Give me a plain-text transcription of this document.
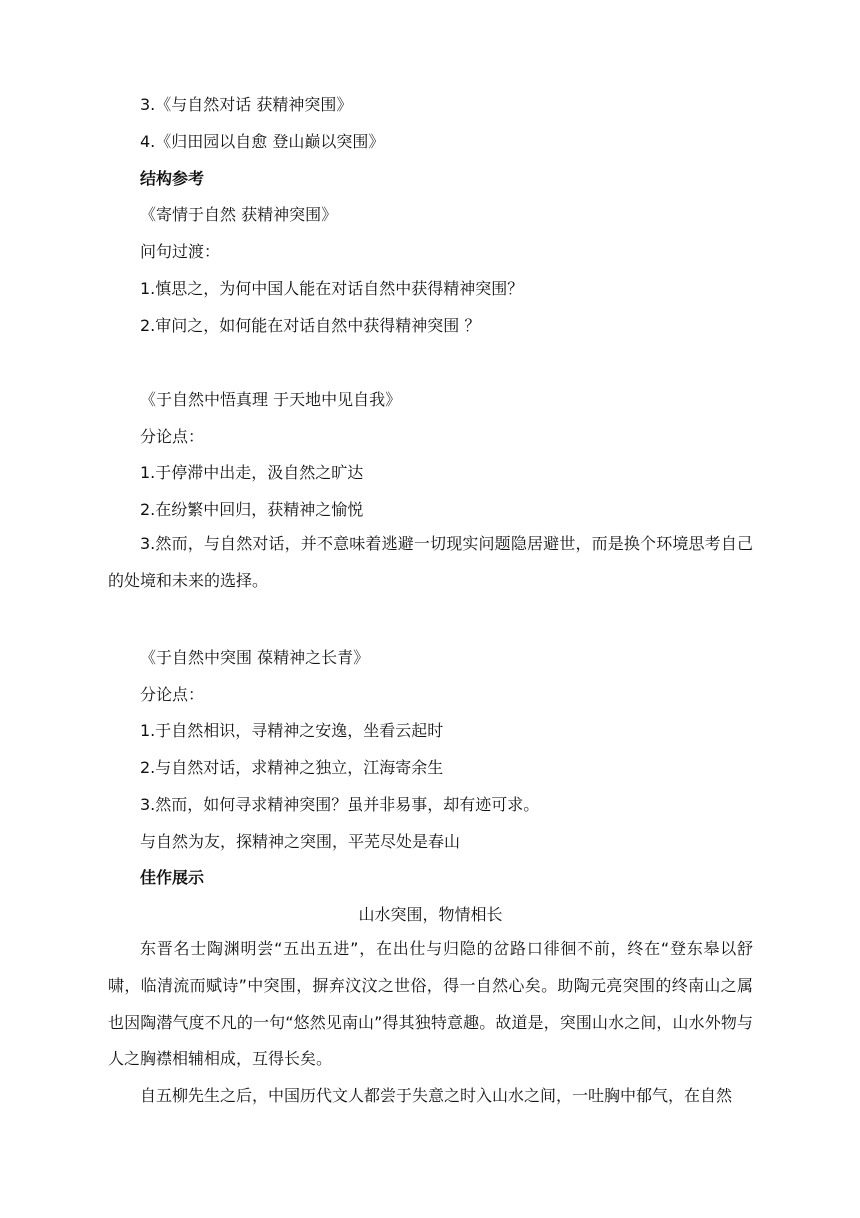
3.《与自然对话 获精神突围》
4.《归田园以自愈 登山巅以突围》
结构参考
《寄情于自然 获精神突围》
问句过渡：
1.慎思之，为何中国人能在对话自然中获得精神突围？
2.审问之，如何能在对话自然中获得精神突围 ？
《于自然中悟真理 于天地中见自我》
分论点：
1.于停滞中出走，汲自然之旷达
2.在纷繁中回归，获精神之愉悦
3.然而，与自然对话，并不意味着逃避一切现实问题隐居避世，而是换个环境思考自己的处境和未来的选择。
《于自然中突围 葆精神之长青》
分论点：
1.于自然相识，寻精神之安逸，坐看云起时
2.与自然对话，求精神之独立，江海寄余生
3.然而，如何寻求精神突围？虽并非易事，却有迹可求。
与自然为友，探精神之突围，平芜尽处是春山
佳作展示
山水突围，物情相长
东晋名士陶渊明尝“五出五进”，在出仕与归隐的岔路口徘徊不前，终在“登东皋以舒啸，临清流而赋诗”中突围，摒弃汶汶之世俗，得一自然心矣。助陶元亮突围的终南山之属也因陶潜气度不凡的一句“悠然见南山”得其独特意趣。故道是，突围山水之间，山水外物与人之胸襟相辅相成，互得长矣。
自五柳先生之后，中国历代文人都尝于失意之时入山水之间，一吐胸中郁气，在自然
